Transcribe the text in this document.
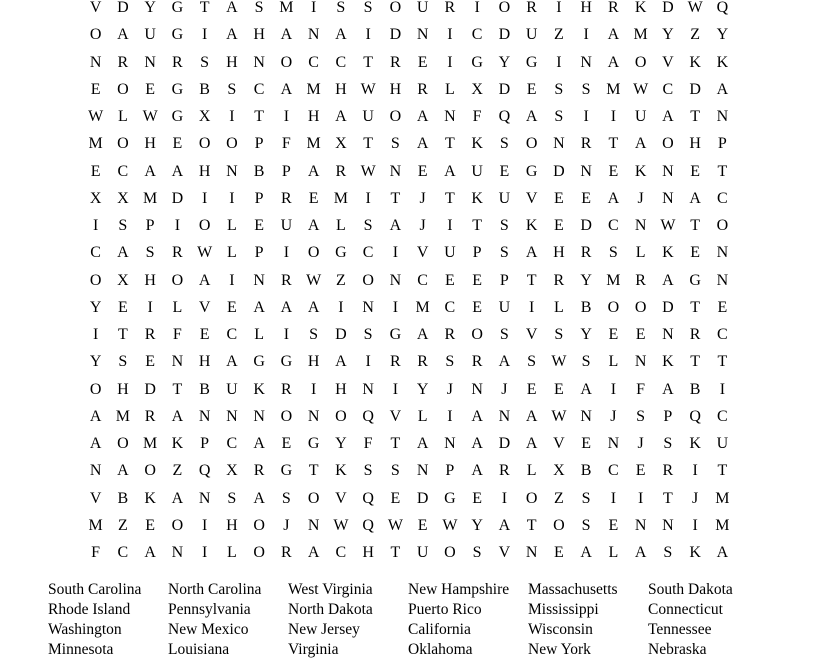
V D Y G	T	A	S M	I	S	S	O U	R	I	O	R	I	H	R	K D W Q
O A U G	I	A H A N A	I	D N	I	C	D U	Z	I	A M Y	Z	Y
N	R	N	R	S	H N O	C	C	T	R	E	I	G Y G	I	N A O V K K
E	O	E	G	B	S	C	A M H W H	R	L	X D	E	S	S M W C	D A
W L W G X	I	T	I	H A U O A N	F	Q A	S	I	I	U A	T	N
M O H	E	O O	P	F M X	T	S	A	T	K	S	O N	R	T	A O H	P
E	C	A A H N	B	P	A	R W N	E	A U	E	G D N	E	K N	E	T
X X M D	I	I	P	R	E M	I	T	J	T	K U V	E	E	A	J	N A	C
I	S	P	I	O	L	E	U A	L	S	A	J	I	T	S	K	E	D	C	N W T	O
C	A	S	R W L	P	I	O G	C	I	V U	P	S	A H	R	S	L	K	E	N
O X H O A	I	N	R W Z	O N	C	E	E	P	T	R	Y M R	A G N
Y	E	I	L	V	E	A A A	I	N	I	M C	E	U	I	L	B	O O D	T	E
I	T	R	F	E	C	L	I	S	D	S	G A	R	O	S	V	S	Y	E	E	N	R	C
Y	S	E	N H A G G H A	I	R	R	S	R	A	S W S	L	N K	T	T
O H D	T	B	U K	R	I	H N	I	Y	J	N	J	E	E	A	I	F	A	B	I
A M R	A N N N O N O Q V	L	I	A N A W N	J	S	P	Q	C
A O M K	P	C	A	E	G Y	F	T	A N A D A V	E	N	J	S	K U
N A O	Z	Q X	R	G	T	K	S	S	N	P	A	R	L	X	B	C	E	R	I	T
V	B	K A N	S	A	S	O V Q	E	D G	E	I	O	Z	S	I	I	T	J	M
M Z	E	O	I	H O	J	N W Q W E W Y A	T	O	S	E	N N	I	M
F	C	A N	I	L	O	R	A	C	H	T	U O	S	V N	E	A	L	A	S	K A
South Carolina	North Carolina	West Virginia	New Hampshire	Massachusetts	South Dakota
Rhode Island	Pennsylvania	North Dakota	Puerto Rico	Mississippi	Connecticut
Washington	New Mexico	New Jersey	California	Wisconsin	Tennessee
Minnesota	Louisiana	Virginia	Oklahoma	New York	Nebraska
